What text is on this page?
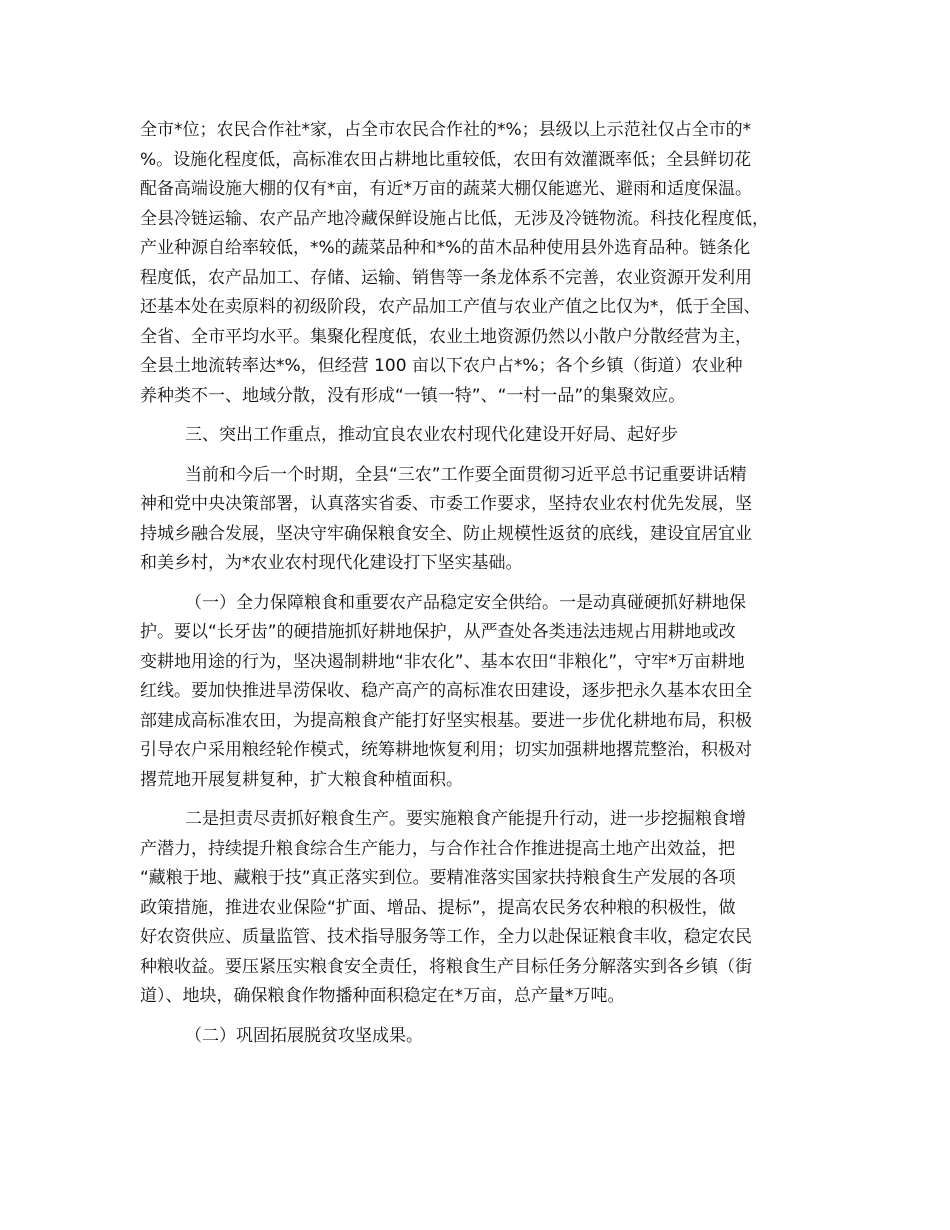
全市*位；农民合作社*家，占全市农民合作社的*%；县级以上示范社仅占全市的*
%。设施化程度低，高标准农田占耕地比重较低，农田有效灌溉率低；全县鲜切花
配备高端设施大棚的仅有*亩，有近*万亩的蔬菜大棚仅能遮光、避雨和适度保温。
全县冷链运输、农产品产地冷藏保鲜设施占比低，无涉及冷链物流。科技化程度低，
产业种源自给率较低，*%的蔬菜品种和*%的苗木品种使用县外选育品种。链条化
程度低，农产品加工、存储、运输、销售等一条龙体系不完善，农业资源开发利用
还基本处在卖原料的初级阶段，农产品加工产值与农业产值之比仅为*，低于全国、
全省、全市平均水平。集聚化程度低，农业土地资源仍然以小散户分散经营为主，
全县土地流转率达*%，但经营 100 亩以下农户占*%；各个乡镇（街道）农业种
养种类不一、地域分散，没有形成“一镇一特”、“一村一品”的集聚效应。
三、突出工作重点，推动宜良农业农村现代化建设开好局、起好步
当前和今后一个时期，全县“三农”工作要全面贯彻习近平总书记重要讲话精
神和党中央决策部署，认真落实省委、市委工作要求，坚持农业农村优先发展，坚
持城乡融合发展，坚决守牢确保粮食安全、防止规模性返贫的底线，建设宜居宜业
和美乡村，为*农业农村现代化建设打下坚实基础。
（一）全力保障粮食和重要农产品稳定安全供给。一是动真碰硬抓好耕地保
护。要以“长牙齿”的硬措施抓好耕地保护，从严查处各类违法违规占用耕地或改
变耕地用途的行为，坚决遏制耕地“非农化”、基本农田“非粮化”，守牢*万亩耕地
红线。要加快推进旱涝保收、稳产高产的高标准农田建设，逐步把永久基本农田全
部建成高标准农田，为提高粮食产能打好坚实根基。要进一步优化耕地布局，积极
引导农户采用粮经轮作模式，统筹耕地恢复利用；切实加强耕地撂荒整治，积极对
撂荒地开展复耕复种，扩大粮食种植面积。
二是担责尽责抓好粮食生产。要实施粮食产能提升行动，进一步挖掘粮食增
产潜力，持续提升粮食综合生产能力，与合作社合作推进提高土地产出效益，把
“藏粮于地、藏粮于技”真正落实到位。要精准落实国家扶持粮食生产发展的各项
政策措施，推进农业保险“扩面、增品、提标”，提高农民务农种粮的积极性，做
好农资供应、质量监管、技术指导服务等工作，全力以赴保证粮食丰收，稳定农民
种粮收益。要压紧压实粮食安全责任，将粮食生产目标任务分解落实到各乡镇（街
道）、地块，确保粮食作物播种面积稳定在*万亩，总产量*万吨。
（二）巩固拓展脱贫攻坚成果。
